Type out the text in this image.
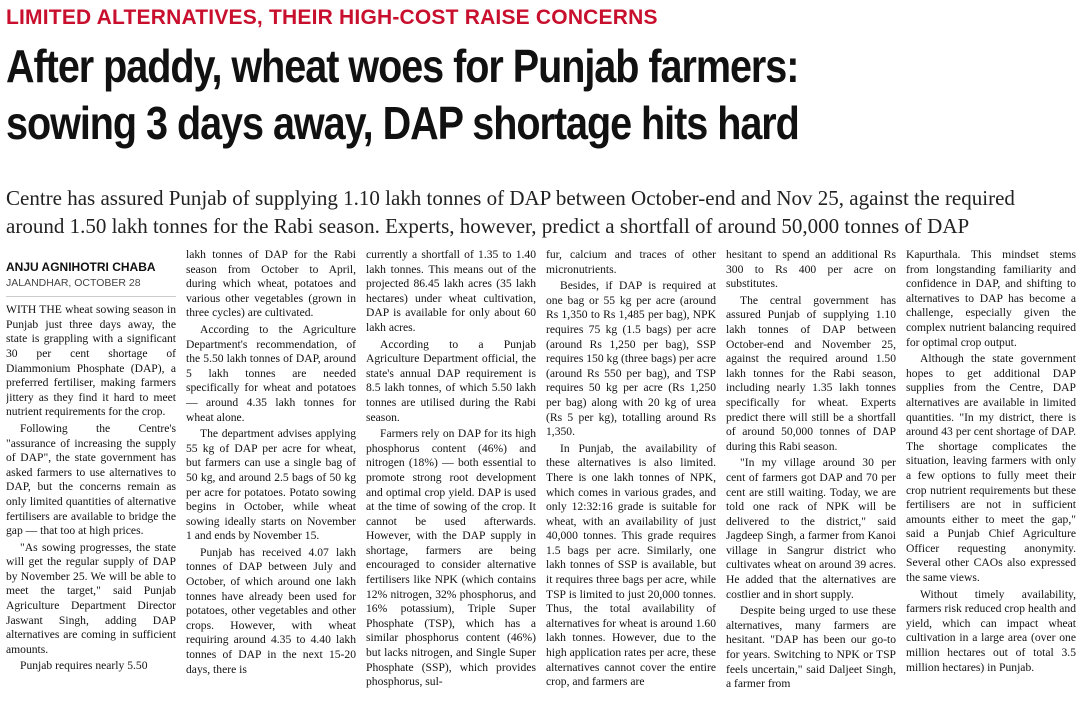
LIMITED ALTERNATIVES, THEIR HIGH-COST RAISE CONCERNS
After paddy, wheat woes for Punjab farmers:
sowing 3 days away, DAP shortage hits hard
Centre has assured Punjab of supplying 1.10 lakh tonnes of DAP between October-end and Nov 25, against the required around 1.50 lakh tonnes for the Rabi season. Experts, however, predict a shortfall of around 50,000 tonnes of DAP
ANJU AGNIHOTRI CHABA
JALANDHAR, OCTOBER 28

WITH THE wheat sowing season in Punjab just three days away, the state is grappling with a significant 30 per cent shortage of Diammonium Phosphate (DAP), a preferred fertiliser, making farmers jittery as they find it hard to meet nutrient requirements for the crop.

Following the Centre's "assurance of increasing the supply of DAP", the state government has asked farmers to use alternatives to DAP, but the concerns remain as only limited quantities of alternative fertilisers are available to bridge the gap — that too at high prices.

"As sowing progresses, the state will get the regular supply of DAP by November 25. We will be able to meet the target," said Punjab Agriculture Department Director Jaswant Singh, adding DAP alternatives are coming in sufficient amounts.

Punjab requires nearly 5.50

lakh tonnes of DAP for the Rabi season from October to April, during which wheat, potatoes and various other vegetables (grown in three cycles) are cultivated.

According to the Agriculture Department's recommendation, of the 5.50 lakh tonnes of DAP, around 5 lakh tonnes are needed specifically for wheat and potatoes — around 4.35 lakh tonnes for wheat alone.

The department advises applying 55 kg of DAP per acre for wheat, but farmers can use a single bag of 50 kg, and around 2.5 bags of 50 kg per acre for potatoes. Potato sowing begins in October, while wheat sowing ideally starts on November 1 and ends by November 15.

Punjab has received 4.07 lakh tonnes of DAP between July and October, of which around one lakh tonnes have already been used for potatoes, other vegetables and other crops. However, with wheat requiring around 4.35 to 4.40 lakh tonnes of DAP in the next 15-20 days, there is

currently a shortfall of 1.35 to 1.40 lakh tonnes. This means out of the projected 86.45 lakh acres (35 lakh hectares) under wheat cultivation, DAP is available for only about 60 lakh acres.

According to a Punjab Agriculture Department official, the state's annual DAP requirement is 8.5 lakh tonnes, of which 5.50 lakh tonnes are utilised during the Rabi season.

Farmers rely on DAP for its high phosphorus content (46%) and nitrogen (18%) — both essential to promote strong root development and optimal crop yield. DAP is used at the time of sowing of the crop. It cannot be used afterwards. However, with the DAP supply in shortage, farmers are being encouraged to consider alternative fertilisers like NPK (which contains 12% nitrogen, 32% phosphorus, and 16% potassium), Triple Super Phosphate (TSP), which has a similar phosphorus content (46%) but lacks nitrogen, and Single Super Phosphate (SSP), which provides phosphorus, sul-

fur, calcium and traces of other micronutrients.

Besides, if DAP is required at one bag or 55 kg per acre (around Rs 1,350 to Rs 1,485 per bag), NPK requires 75 kg (1.5 bags) per acre (around Rs 1,250 per bag), SSP requires 150 kg (three bags) per acre (around Rs 550 per bag), and TSP requires 50 kg per acre (Rs 1,250 per bag) along with 20 kg of urea (Rs 5 per kg), totalling around Rs 1,350.

In Punjab, the availability of these alternatives is also limited. There is one lakh tonnes of NPK, which comes in various grades, and only 12:32:16 grade is suitable for wheat, with an availability of just 40,000 tonnes. This grade requires 1.5 bags per acre. Similarly, one lakh tonnes of SSP is available, but it requires three bags per acre, while TSP is limited to just 20,000 tonnes. Thus, the total availability of alternatives for wheat is around 1.60 lakh tonnes. However, due to the high application rates per acre, these alternatives cannot cover the entire crop, and farmers are

hesitant to spend an additional Rs 300 to Rs 400 per acre on substitutes.

The central government has assured Punjab of supplying 1.10 lakh tonnes of DAP between October-end and November 25, against the required around 1.50 lakh tonnes for the Rabi season, including nearly 1.35 lakh tonnes specifically for wheat. Experts predict there will still be a shortfall of around 50,000 tonnes of DAP during this Rabi season.

"In my village around 30 per cent of farmers got DAP and 70 per cent are still waiting. Today, we are told one rack of NPK will be delivered to the district," said Jagdeep Singh, a farmer from Kanoi village in Sangrur district who cultivates wheat on around 39 acres. He added that the alternatives are costlier and in short supply.

Despite being urged to use these alternatives, many farmers are hesitant. "DAP has been our go-to for years. Switching to NPK or TSP feels uncertain," said Daljeet Singh, a farmer from

Kapurthala. This mindset stems from longstanding familiarity and confidence in DAP, and shifting to alternatives to DAP has become a challenge, especially given the complex nutrient balancing required for optimal crop output.

Although the state government hopes to get additional DAP supplies from the Centre, DAP alternatives are available in limited quantities. "In my district, there is around 43 per cent shortage of DAP. The shortage complicates the situation, leaving farmers with only a few options to fully meet their crop nutrient requirements but these fertilisers are not in sufficient amounts either to meet the gap," said a Punjab Chief Agriculture Officer requesting anonymity. Several other CAOs also expressed the same views.

Without timely availability, farmers risk reduced crop health and yield, which can impact wheat cultivation in a large area (over one million hectares out of total 3.5 million hectares) in Punjab.
